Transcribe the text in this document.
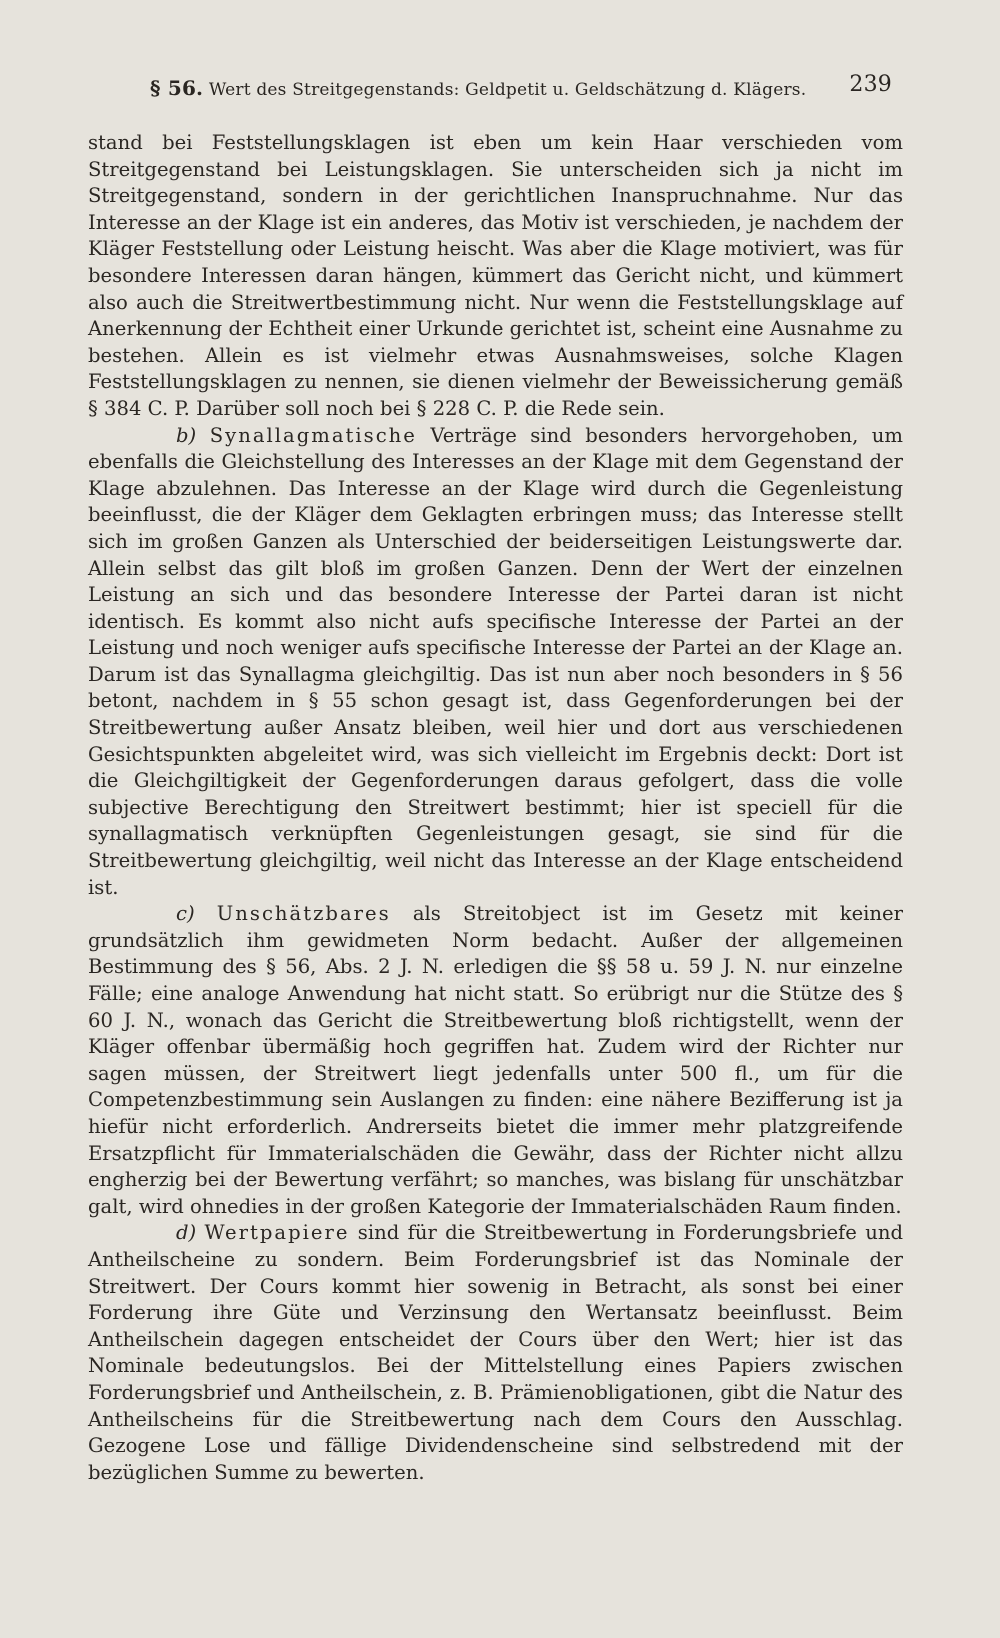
§ 56. Wert des Streitgegenstands: Geldpetit u. Geldschätzung d. Klägers. 239

stand bei Feststellungsklagen ist eben um kein Haar verschieden vom Streitgegenstand bei Leistungsklagen. Sie unterscheiden sich ja nicht im Streitgegenstand, sondern in der gerichtlichen Inanspruchnahme. Nur das Interesse an der Klage ist ein anderes, das Motiv ist verschieden, je nachdem der Kläger Feststellung oder Leistung heischt. Was aber die Klage motiviert, was für besondere Interessen daran hängen, kümmert das Gericht nicht, und kümmert also auch die Streitwertbestimmung nicht. Nur wenn die Feststellungsklage auf Anerkennung der Echtheit einer Urkunde gerichtet ist, scheint eine Ausnahme zu bestehen. Allein es ist vielmehr etwas Ausnahmsweises, solche Klagen Feststellungsklagen zu nennen, sie dienen vielmehr der Beweissicherung gemäß § 384 C. P. Darüber soll noch bei § 228 C. P. die Rede sein.

b) Synallagmatische Verträge sind besonders hervorgehoben, um ebenfalls die Gleichstellung des Interesses an der Klage mit dem Gegenstand der Klage abzulehnen. Das Interesse an der Klage wird durch die Gegenleistung beeinflusst, die der Kläger dem Geklagten erbringen muss; das Interesse stellt sich im großen Ganzen als Unterschied der beiderseitigen Leistungswerte dar. Allein selbst das gilt bloß im großen Ganzen. Denn der Wert der einzelnen Leistung an sich und das besondere Interesse der Partei daran ist nicht identisch. Es kommt also nicht aufs specifische Interesse der Partei an der Leistung und noch weniger aufs specifische Interesse der Partei an der Klage an. Darum ist das Synallagma gleichgiltig. Das ist nun aber noch besonders in § 56 betont, nachdem in § 55 schon gesagt ist, dass Gegenforderungen bei der Streitbewertung außer Ansatz bleiben, weil hier und dort aus verschiedenen Gesichtspunkten abgeleitet wird, was sich vielleicht im Ergebnis deckt: Dort ist die Gleichgiltigkeit der Gegenforderungen daraus gefolgert, dass die volle subjective Berechtigung den Streitwert bestimmt; hier ist speciell für die synallagmatisch verknüpften Gegenleistungen gesagt, sie sind für die Streitbewertung gleichgiltig, weil nicht das Interesse an der Klage entscheidend ist.

c) Unschätzbares als Streitobject ist im Gesetz mit keiner grundsätzlich ihm gewidmeten Norm bedacht. Außer der allgemeinen Bestimmung des § 56, Abs. 2 J. N. erledigen die §§ 58 u. 59 J. N. nur einzelne Fälle; eine analoge Anwendung hat nicht statt. So erübrigt nur die Stütze des § 60 J. N., wonach das Gericht die Streitbewertung bloß richtigstellt, wenn der Kläger offenbar übermäßig hoch gegriffen hat. Zudem wird der Richter nur sagen müssen, der Streitwert liegt jedenfalls unter 500 fl., um für die Competenzbestimmung sein Auslangen zu finden: eine nähere Bezifferung ist ja hiefür nicht erforderlich. Andrerseits bietet die immer mehr platzgreifende Ersatzpflicht für Immaterialschäden die Gewähr, dass der Richter nicht allzu engherzig bei der Bewertung verfährt; so manches, was bislang für unschätzbar galt, wird ohnedies in der großen Kategorie der Immaterialschäden Raum finden.

d) Wertpapiere sind für die Streitbewertung in Forderungsbriefe und Antheilscheine zu sondern. Beim Forderungsbrief ist das Nominale der Streitwert. Der Cours kommt hier sowenig in Betracht, als sonst bei einer Forderung ihre Güte und Verzinsung den Wertansatz beeinflusst. Beim Antheilschein dagegen entscheidet der Cours über den Wert; hier ist das Nominale bedeutungslos. Bei der Mittelstellung eines Papiers zwischen Forderungsbrief und Antheilschein, z. B. Prämienobligationen, gibt die Natur des Antheilscheins für die Streitbewertung nach dem Cours den Ausschlag. Gezogene Lose und fällige Dividendenscheine sind selbstredend mit der bezüglichen Summe zu bewerten.
